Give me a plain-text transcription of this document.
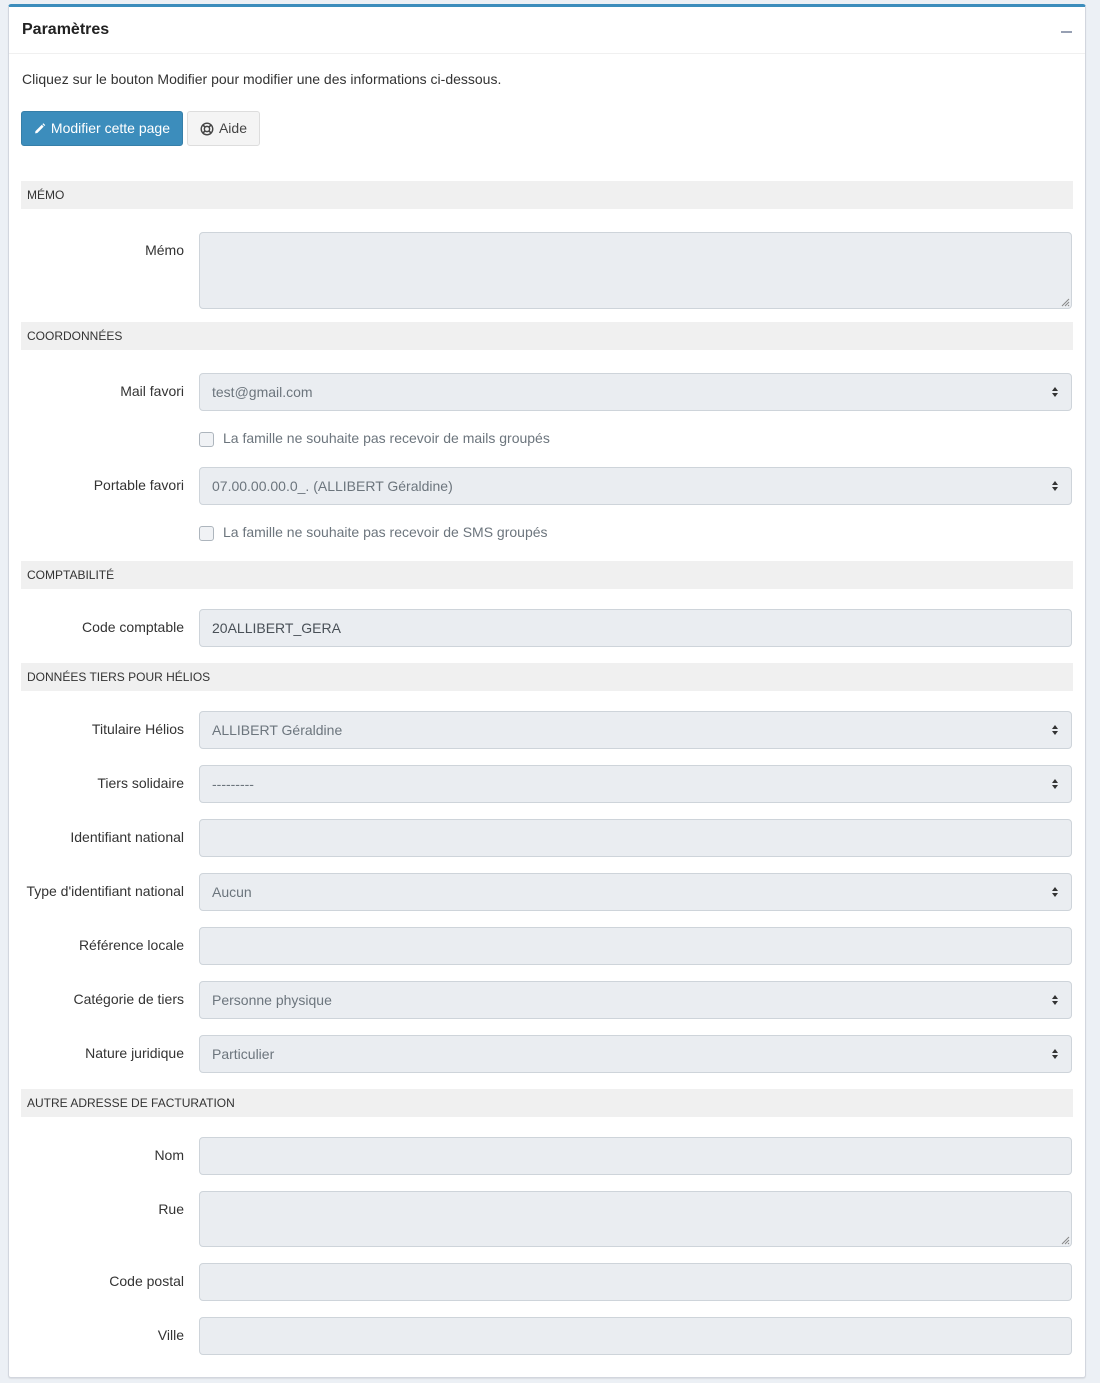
Paramètres
Cliquez sur le bouton Modifier pour modifier une des informations ci-dessous.
Modifier cette page	Aide
MÉMO
Mémo
COORDONNÉES
Mail favori	test@gmail.com
La famille ne souhaite pas recevoir de mails groupés
Portable favori	07.00.00.00.0_. (ALLIBERT Géraldine)
La famille ne souhaite pas recevoir de SMS groupés
COMPTABILITÉ
Code comptable	20ALLIBERT_GERA
DONNÉES TIERS POUR HÉLIOS
Titulaire Hélios	ALLIBERT Géraldine
Tiers solidaire	---------
Identifiant national
Type d'identifiant national	Aucun
Référence locale
Catégorie de tiers	Personne physique
Nature juridique	Particulier
AUTRE ADRESSE DE FACTURATION
Nom
Rue
Code postal
Ville
